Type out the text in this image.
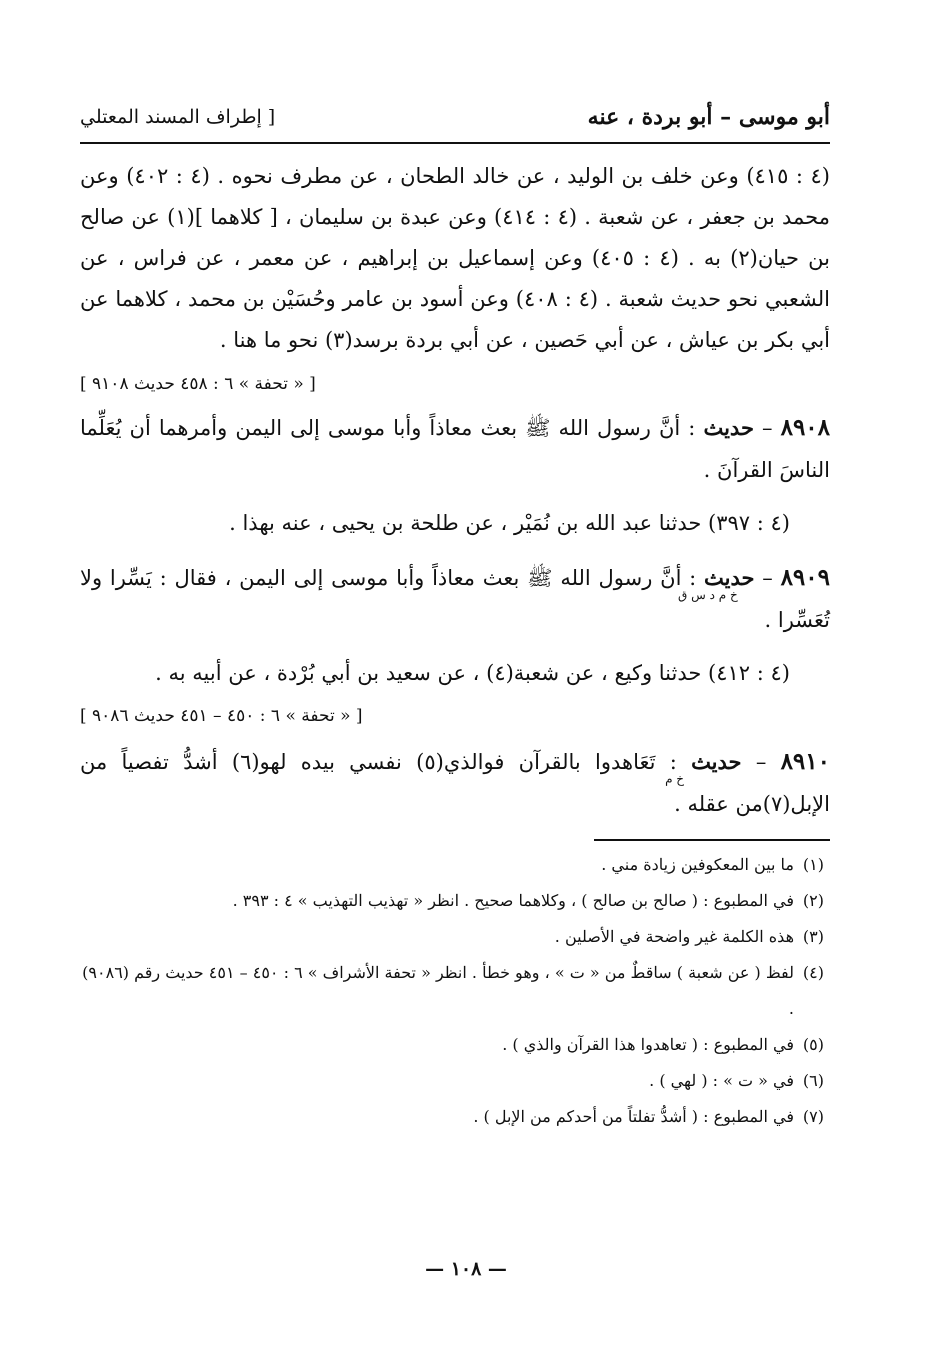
أبو موسى – أبو بردة ، عنه
[ إطراف المسند المعتلي

(٤ : ٤١٥) وعن خلف بن الوليد ، عن خالد الطحان ، عن مطرف نحوه . (٤ : ٤٠٢) وعن محمد بن جعفر ، عن شعبة . (٤ : ٤١٤) وعن عبدة بن سليمان ، [ كلاهما ](١) عن صالح بن حيان(٢) به . (٤ : ٤٠٥) وعن إسماعيل بن إبراهيم ، عن معمر ، عن فراس ، عن الشعبي نحو حديث شعبة . (٤ : ٤٠٨) وعن أسود بن عامر وحُسَيْن بن محمد ، كلاهما عن أبي بكر بن عياش ، عن أبي حَصين ، عن أبي بردة برسد(٣) نحو ما هنا .

[ « تحفة » ٦ : ٤٥٨ حديث ٩١٠٨ ]
٨٩٠٨ – حديث : أنَّ رسول الله ﷺ بعث معاذاً وأبا موسى إلى اليمن وأمرهما أن يُعَلِّما الناسَ القرآنَ .
(٤ : ٣٩٧) حدثنا عبد الله بن نُمَيْر ، عن طلحة بن يحيى ، عنه بهذا .
٨٩٠٩ – حديث
خ م د س ق
: أنَّ رسول الله ﷺ بعث معاذاً وأبا موسى إلى اليمن ، فقال : يَسِّرا ولا تُعَسِّرا .
(٤ : ٤١٢) حدثنا وكيع ، عن شعبة(٤) ، عن سعيد بن أبي بُرْدة ، عن أبيه به .
[ « تحفة » ٦ : ٤٥٠ – ٤٥١ حديث ٩٠٨٦ ]
٨٩١٠ – حديث
خ م
: تَعَاهدوا بالقرآن فوالذي(٥) نفسي بيده لهو(٦) أشدُّ تفصياً من الإبل(٧)من عقله .
(١)
ما بين المعكوفين زيادة مني .
(٢)
في المطبوع : ( صالح بن صالح ) ، وكلاهما صحيح . انظر « تهذيب التهذيب » ٤ : ٣٩٣ .
(٣)
هذه الكلمة غير واضحة في الأصلين .
(٤)
لفظ ( عن شعبة ) ساقطٌ من « ت » ، وهو خطأ . انظر « تحفة الأشراف » ٦ : ٤٥٠ – ٤٥١ حديث رقم (٩٠٨٦) .
(٥)
في المطبوع : ( تعاهدوا هذا القرآن والذي ) .
(٦)
في « ت » : ( لهي ) .
(٧)
في المطبوع : ( أشدُّ تفلتاً من أحدكم من الإبل ) .
— ١٠٨ —
